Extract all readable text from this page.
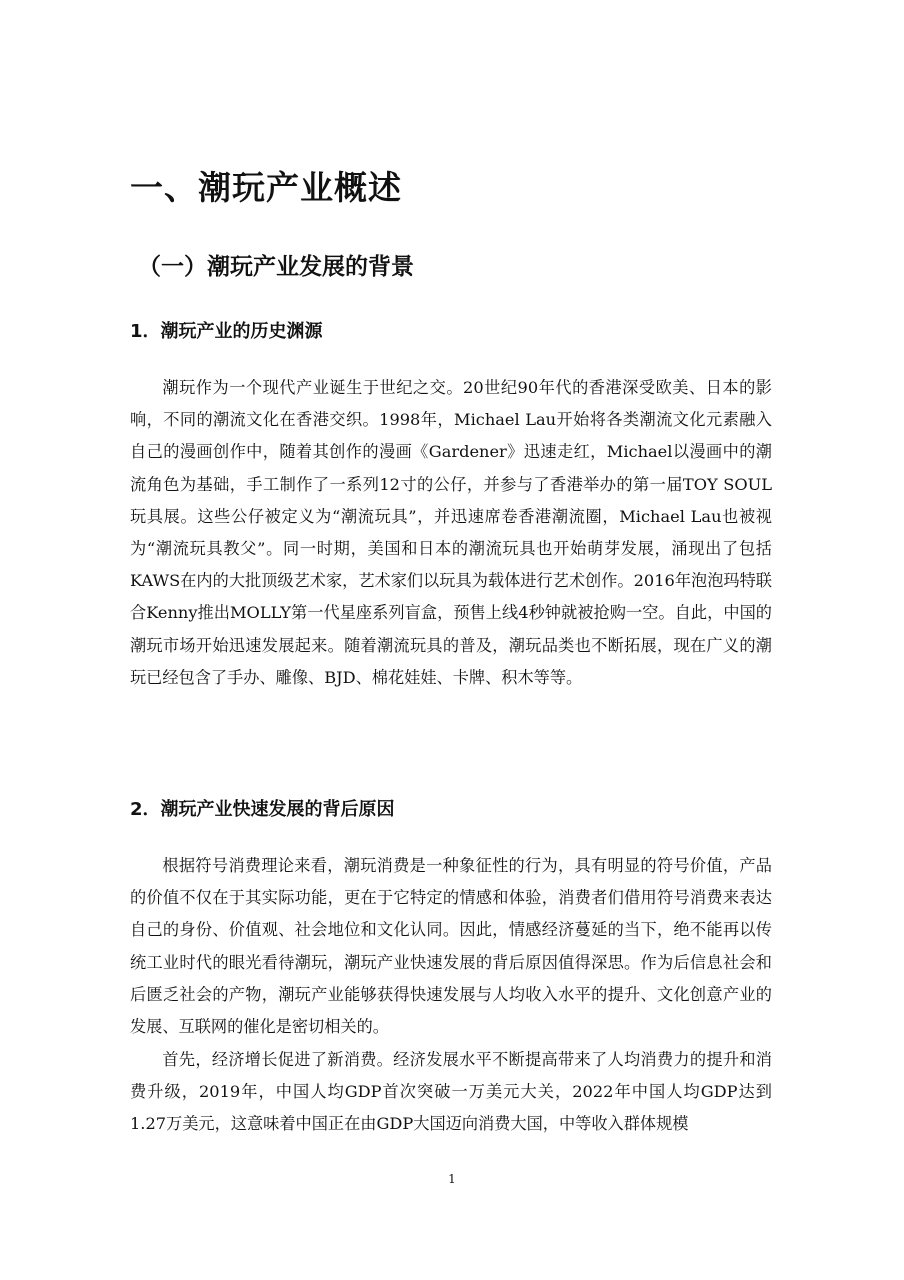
一、潮玩产业概述
（一）潮玩产业发展的背景
1．潮玩产业的历史渊源

潮玩作为一个现代产业诞生于世纪之交。20世纪90年代的香港深受欧美、日本的影响，不同的潮流文化在香港交织。1998年，Michael Lau开始将各类潮流文化元素融入自己的漫画创作中，随着其创作的漫画《Gardener》迅速走红，Michael以漫画中的潮流角色为基础，手工制作了一系列12寸的公仔，并参与了香港举办的第一届TOY SOUL玩具展。这些公仔被定义为“潮流玩具”，并迅速席卷香港潮流圈，Michael Lau也被视为“潮流玩具教父”。同一时期，美国和日本的潮流玩具也开始萌芽发展，涌现出了包括KAWS在内的大批顶级艺术家，艺术家们以玩具为载体进行艺术创作。2016年泡泡玛特联合Kenny推出MOLLY第一代星座系列盲盒，预售上线4秒钟就被抢购一空。自此，中国的潮玩市场开始迅速发展起来。随着潮流玩具的普及，潮玩品类也不断拓展，现在广义的潮玩已经包含了手办、雕像、BJD、棉花娃娃、卡牌、积木等等。

2．潮玩产业快速发展的背后原因

根据符号消费理论来看，潮玩消费是一种象征性的行为，具有明显的符号价值，产品的价值不仅在于其实际功能，更在于它特定的情感和体验，消费者们借用符号消费来表达自己的身份、价值观、社会地位和文化认同。因此，情感经济蔓延的当下，绝不能再以传统工业时代的眼光看待潮玩，潮玩产业快速发展的背后原因值得深思。作为后信息社会和后匮乏社会的产物，潮玩产业能够获得快速发展与人均收入水平的提升、文化创意产业的发展、互联网的催化是密切相关的。

首先，经济增长促进了新消费。经济发展水平不断提高带来了人均消费力的提升和消费升级，2019年，中国人均GDP首次突破一万美元大关，2022年中国人均GDP达到1.27万美元，这意味着中国正在由GDP大国迈向消费大国，中等收入群体规模

1
